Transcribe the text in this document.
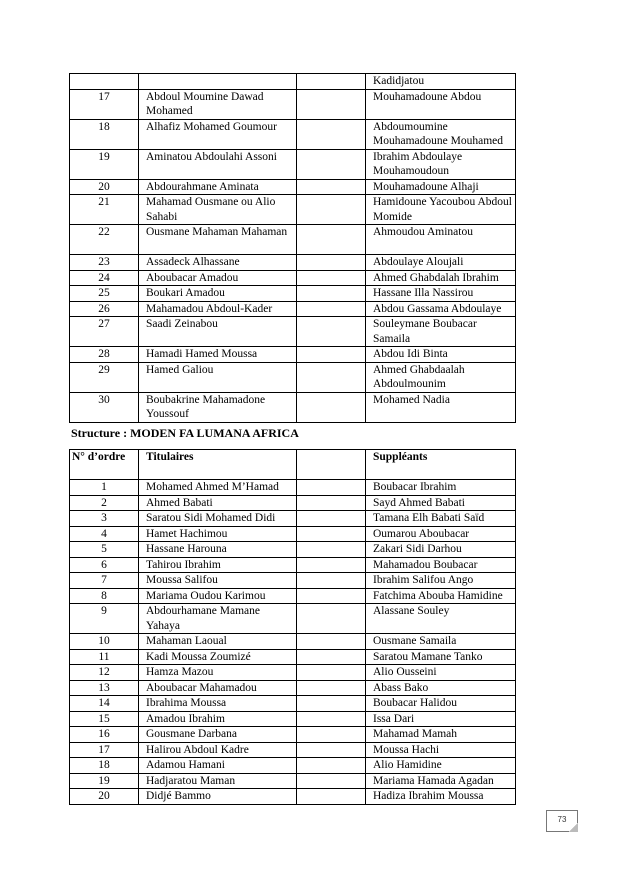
			Kadidjatou
17	Abdoul Moumine Dawad Mohamed		Mouhamadoune Abdou
18	Alhafiz Mohamed Goumour		Abdoumoumine Mouhamadoune Mouhamed
19	Aminatou Abdoulahi Assoni		Ibrahim Abdoulaye Mouhamoudoun
20	Abdourahmane Aminata		Mouhamadoune Alhaji
21	Mahamad Ousmane ou Alio Sahabi		Hamidoune Yacoubou Abdoul Momide
22	Ousmane Mahaman Mahaman		Ahmoudou Aminatou
23	Assadeck Alhassane		Abdoulaye Aloujali
24	Aboubacar Amadou		Ahmed Ghabdalah Ibrahim
25	Boukari Amadou		Hassane Illa Nassirou
26	Mahamadou Abdoul-Kader		Abdou Gassama Abdoulaye
27	Saadi Zeinabou		Souleymane Boubacar Samaila
28	Hamadi Hamed Moussa		Abdou Idi Binta
29	Hamed Galiou		Ahmed Ghabdaalah Abdoulmounim
30	Boubakrine Mahamadone Youssouf		Mohamed Nadia
Structure : MODEN FA LUMANA AFRICA
N° d’ordre	Titulaires		Suppléants
1	Mohamed Ahmed M’Hamad		Boubacar Ibrahim
2	Ahmed Babati		Sayd Ahmed Babati
3	Saratou Sidi Mohamed Didi		Tamana Elh Babati Saïd
4	Hamet Hachimou		Oumarou Aboubacar
5	Hassane Harouna		Zakari Sidi Darhou
6	Tahirou Ibrahim		Mahamadou Boubacar
7	Moussa Salifou		Ibrahim Salifou Ango
8	Mariama Oudou Karimou		Fatchima Abouba Hamidine
9	Abdourhamane Mamane Yahaya		Alassane Souley
10	Mahaman Laoual		Ousmane Samaila
11	Kadi Moussa Zoumizé		Saratou Mamane Tanko
12	Hamza Mazou		Alio Ousseini
13	Aboubacar Mahamadou		Abass Bako
14	Ibrahima Moussa		Boubacar Halidou
15	Amadou Ibrahim		Issa Dari
16	Gousmane Darbana		Mahamad Mamah
17	Halirou Abdoul Kadre		Moussa Hachi
18	Adamou Hamani		Alio Hamidine
19	Hadjaratou Maman		Mariama Hamada Agadan
20	Didjé Bammo		Hadiza Ibrahim Moussa
73
